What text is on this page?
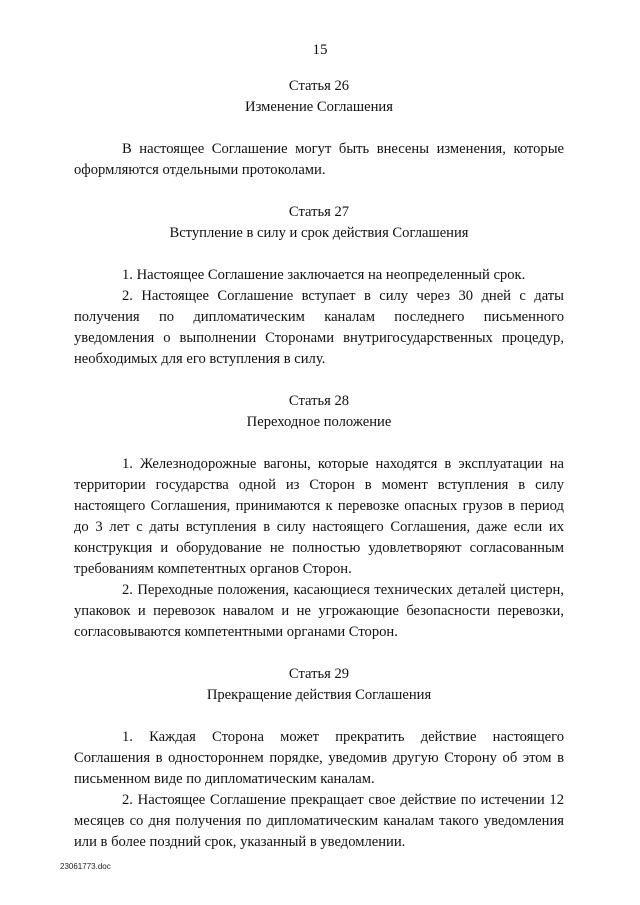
15

Статья 26

Изменение Соглашения

В настоящее Соглашение могут быть внесены изменения, которые оформляются отдельными протоколами.

Статья 27

Вступление в силу и срок действия Соглашения

1. Настоящее Соглашение заключается на неопределенный срок.

2. Настоящее Соглашение вступает в силу через 30 дней с даты получения по дипломатическим каналам последнего письменного уведомления о выполнении Сторонами внутригосударственных процедур, необходимых для его вступления в силу.

Статья 28

Переходное положение

1. Железнодорожные вагоны, которые находятся в эксплуатации на территории государства одной из Сторон в момент вступления в силу настоящего Соглашения, принимаются к перевозке опасных грузов в период до 3 лет с даты вступления в силу настоящего Соглашения, даже если их конструкция и оборудование не полностью удовлетворяют согласованным требованиям компетентных органов Сторон.

2. Переходные положения, касающиеся технических деталей цистерн, упаковок и перевозок навалом и не угрожающие безопасности перевозки, согласовываются компетентными органами Сторон.

Статья 29

Прекращение действия Соглашения

1. Каждая Сторона может прекратить действие настоящего Соглашения в одностороннем порядке, уведомив другую Сторону об этом в письменном виде по дипломатическим каналам.

2. Настоящее Соглашение прекращает свое действие по истечении 12 месяцев со дня получения по дипломатическим каналам такого уведомления или в более поздний срок, указанный в уведомлении.

23061773.doc
